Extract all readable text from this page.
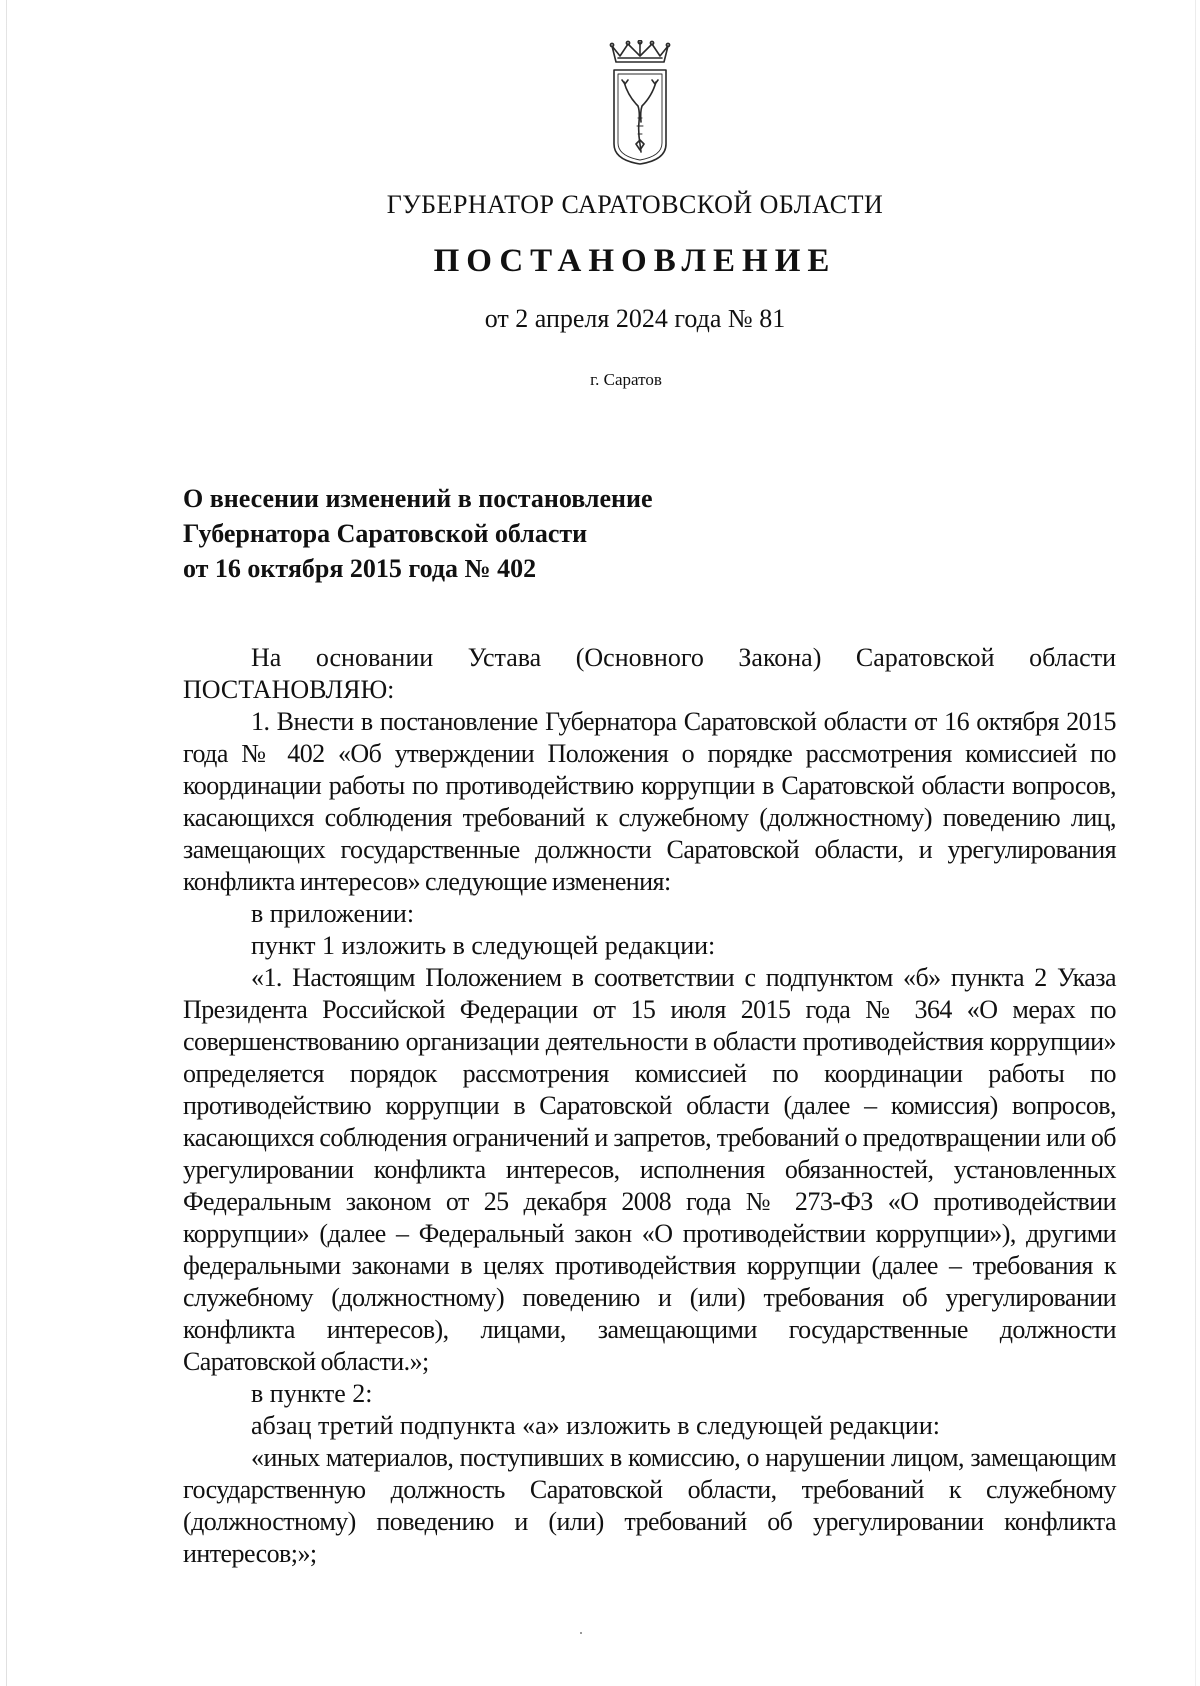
ГУБЕРНАТОР САРАТОВСКОЙ ОБЛАСТИ
ПОСТАНОВЛЕНИЕ
от 2 апреля 2024 года № 81
г. Саратов
О внесении изменений в постановление
Губернатора Саратовской области
от 16 октября 2015 года № 402

На основании Устава (Основного Закона) Саратовской области ПОСТАНОВЛЯЮ:

1. Внести в постановление Губернатора Саратовской области от 16 октября 2015 года № 402 «Об утверждении Положения о порядке рассмотрения комиссией по координации работы по противодействию коррупции в Саратовской области вопросов, касающихся соблюдения требований к служебному (должностному) поведению лиц, замещающих государственные должности Саратовской области, и урегулирования конфликта интересов» следующие изменения:

в приложении:

пункт 1 изложить в следующей редакции:

«1. Настоящим Положением в соответствии с подпунктом «б» пункта 2 Указа Президента Российской Федерации от 15 июля 2015 года № 364 «О мерах по совершенствованию организации деятельности в области противодействия коррупции» определяется порядок рассмотрения комиссией по координации работы по противодействию коррупции в Саратовской области (далее – комиссия) вопросов, касающихся соблюдения ограничений и запретов, требований о предотвращении или об урегулировании конфликта интересов, исполнения обязанностей, установленных Федеральным законом от 25 декабря 2008 года № 273-ФЗ «О противодействии коррупции» (далее – Федеральный закон «О противодействии коррупции»), другими федеральными законами в целях противодействия коррупции (далее – требования к служебному (должностному) поведению и (или) требования об урегулировании конфликта интересов), лицами, замещающими государственные должности Саратовской области.»;

в пункте 2:

абзац третий подпункта «а» изложить в следующей редакции:

«иных материалов, поступивших в комиссию, о нарушении лицом, замещающим государственную должность Саратовской области, требований к служебному (должностному) поведению и (или) требований об урегулировании конфликта интересов;»;
